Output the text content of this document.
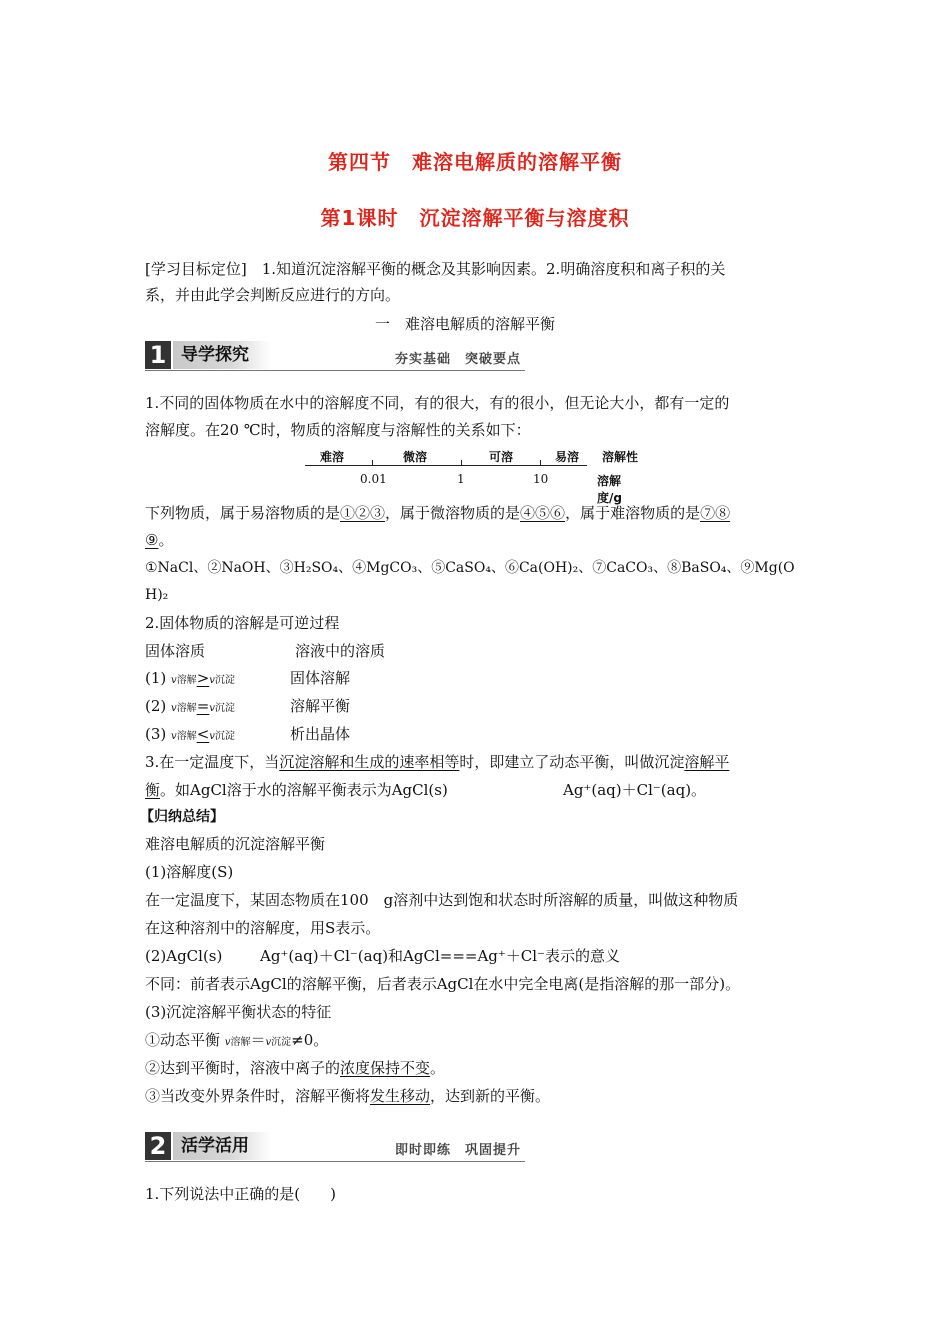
第四节　难溶电解质的溶解平衡
第1课时　沉淀溶解平衡与溶度积
[学习目标定位]　1.知道沉淀溶解平衡的概念及其影响因素。2.明确溶度积和离子积的关
系，并由此学会判断反应进行的方向。
一　难溶电解质的溶解平衡
1 导学探究	夯实基础　突破要点
1.不同的固体物质在水中的溶解度不同，有的很大，有的很小，但无论大小，都有一定的
溶解度。在20 ℃时，物质的溶解度与溶解性的关系如下：
难溶	微溶	可溶	易溶 溶解性
0.01	1	10	溶解度/g
下列物质，属于易溶物质的是①②③，属于微溶物质的是④⑤⑥，属于难溶物质的是⑦⑧
⑨。
①NaCl、②NaOH、③H₂SO₄、④MgCO₃、⑤CaSO₄、⑥Ca(OH)₂、⑦CaCO₃、⑧BaSO₄、⑨Mg(O
H)₂
2.固体物质的溶解是可逆过程
固体溶质	溶液中的溶质
(1) v溶解>v沉淀	固体溶解
(2) v溶解=v沉淀	溶解平衡
(3) v溶解<v沉淀	析出晶体
3.在一定温度下，当沉淀溶解和生成的速率相等时，即建立了动态平衡，叫做沉淀溶解平
衡。如AgCl溶于水的溶解平衡表示为AgCl(s)	Ag⁺(aq)＋Cl⁻(aq)。
【归纳总结】
难溶电解质的沉淀溶解平衡
(1)溶解度(S)
在一定温度下，某固态物质在100　g溶剂中达到饱和状态时所溶解的质量，叫做这种物质
在这种溶剂中的溶解度，用S表示。
(2)AgCl(s)	Ag⁺(aq)＋Cl⁻(aq)和AgCl===Ag⁺＋Cl⁻表示的意义
不同：前者表示AgCl的溶解平衡，后者表示AgCl在水中完全电离(是指溶解的那一部分)。
(3)沉淀溶解平衡状态的特征
①动态平衡 v溶解＝v沉淀≠0。
②达到平衡时，溶液中离子的浓度保持不变。
③当改变外界条件时，溶解平衡将发生移动，达到新的平衡。
2 活学活用	即时即练　巩固提升
1.下列说法中正确的是(　　)
